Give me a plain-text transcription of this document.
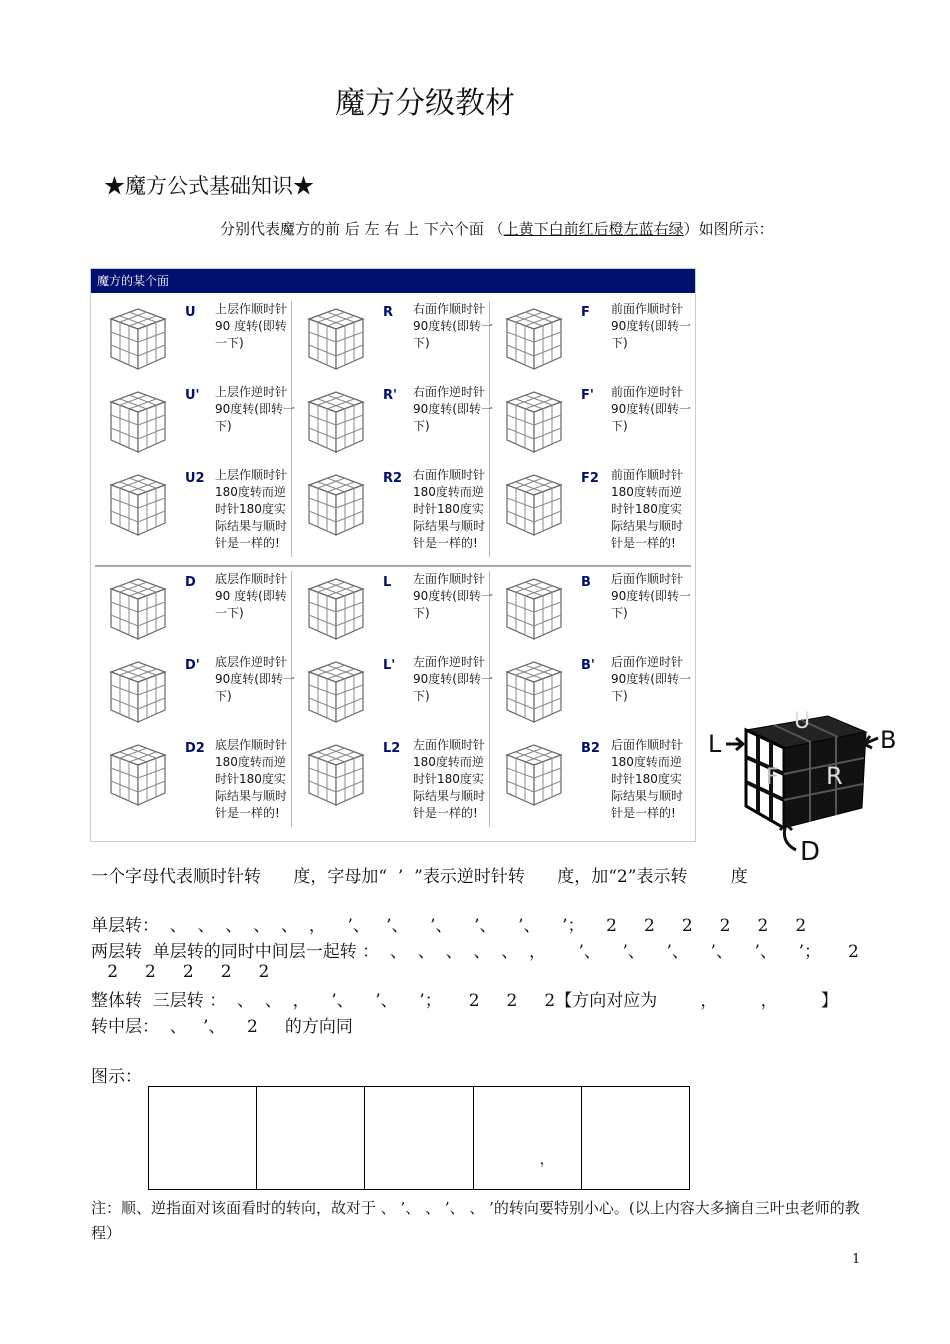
魔方分级教材
★魔方公式基础知识★
分别代表魔方的前 后 左 右 上 下六个面 （上黄下白前红后橙左蓝右绿）如图所示：
魔方的某个面
U 上层作顺时针90 度转(即转一下)
R 右面作顺时针90度转(即转一下)
F 前面作顺时针90度转(即转一下)
U' 上层作逆时针90度转(即转一下)
R' 右面作逆时针90度转(即转一下)
F' 前面作逆时针90度转(即转一下)
U2 上层作顺时针180度转而逆时针180度实际结果与顺时针是一样的!
R2 右面作顺时针180度转而逆时针180度实际结果与顺时针是一样的!
F2 前面作顺时针180度转而逆时针180度实际结果与顺时针是一样的!
D 底层作顺时针90 度转(即转一下)
L 左面作顺时针90度转(即转一下)
B 后面作顺时针90度转(即转一下)
D' 底层作逆时针90度转(即转一下)
L' 左面作逆时针90度转(即转一下)
B' 后面作逆时针90度转(即转一下)
D2 底层作顺时针180度转而逆时针180度实际结果与顺时针是一样的!
L2 左面作顺时针180度转而逆时针180度实际结果与顺时针是一样的!
B2 后面作顺时针180度转而逆时针180度实际结果与顺时针是一样的!
U
F R
L	B
D
一个字母代表顺时针转      度，字母加“  ’  ”表示逆时针转      度，加“2”表示转        度
单层转：  、  、  、  、  、  ，    ’、   ’、    ’、    ’、    ’、    ’；    2     2     2     2     2     2
两层转  单层转的同时中间层一起转 ：  、  、  、  、  、  ，      ’、    ’、    ’、    ’、    ’、    ’；     2
2     2     2     2     2
整体转  三层转 ：  、  、  ，    ’、    ’、    ’；     2     2     2【方向对应为        ，        ，        】
转中层：  、   ’、    2     的方向同
图示：
，
注：顺、逆指面对该面看时的转向，故对于 、 ’、 、 ’、 、 ’的转向要特别小心。(以上内容大多摘自三叶虫老师的教程）
1
